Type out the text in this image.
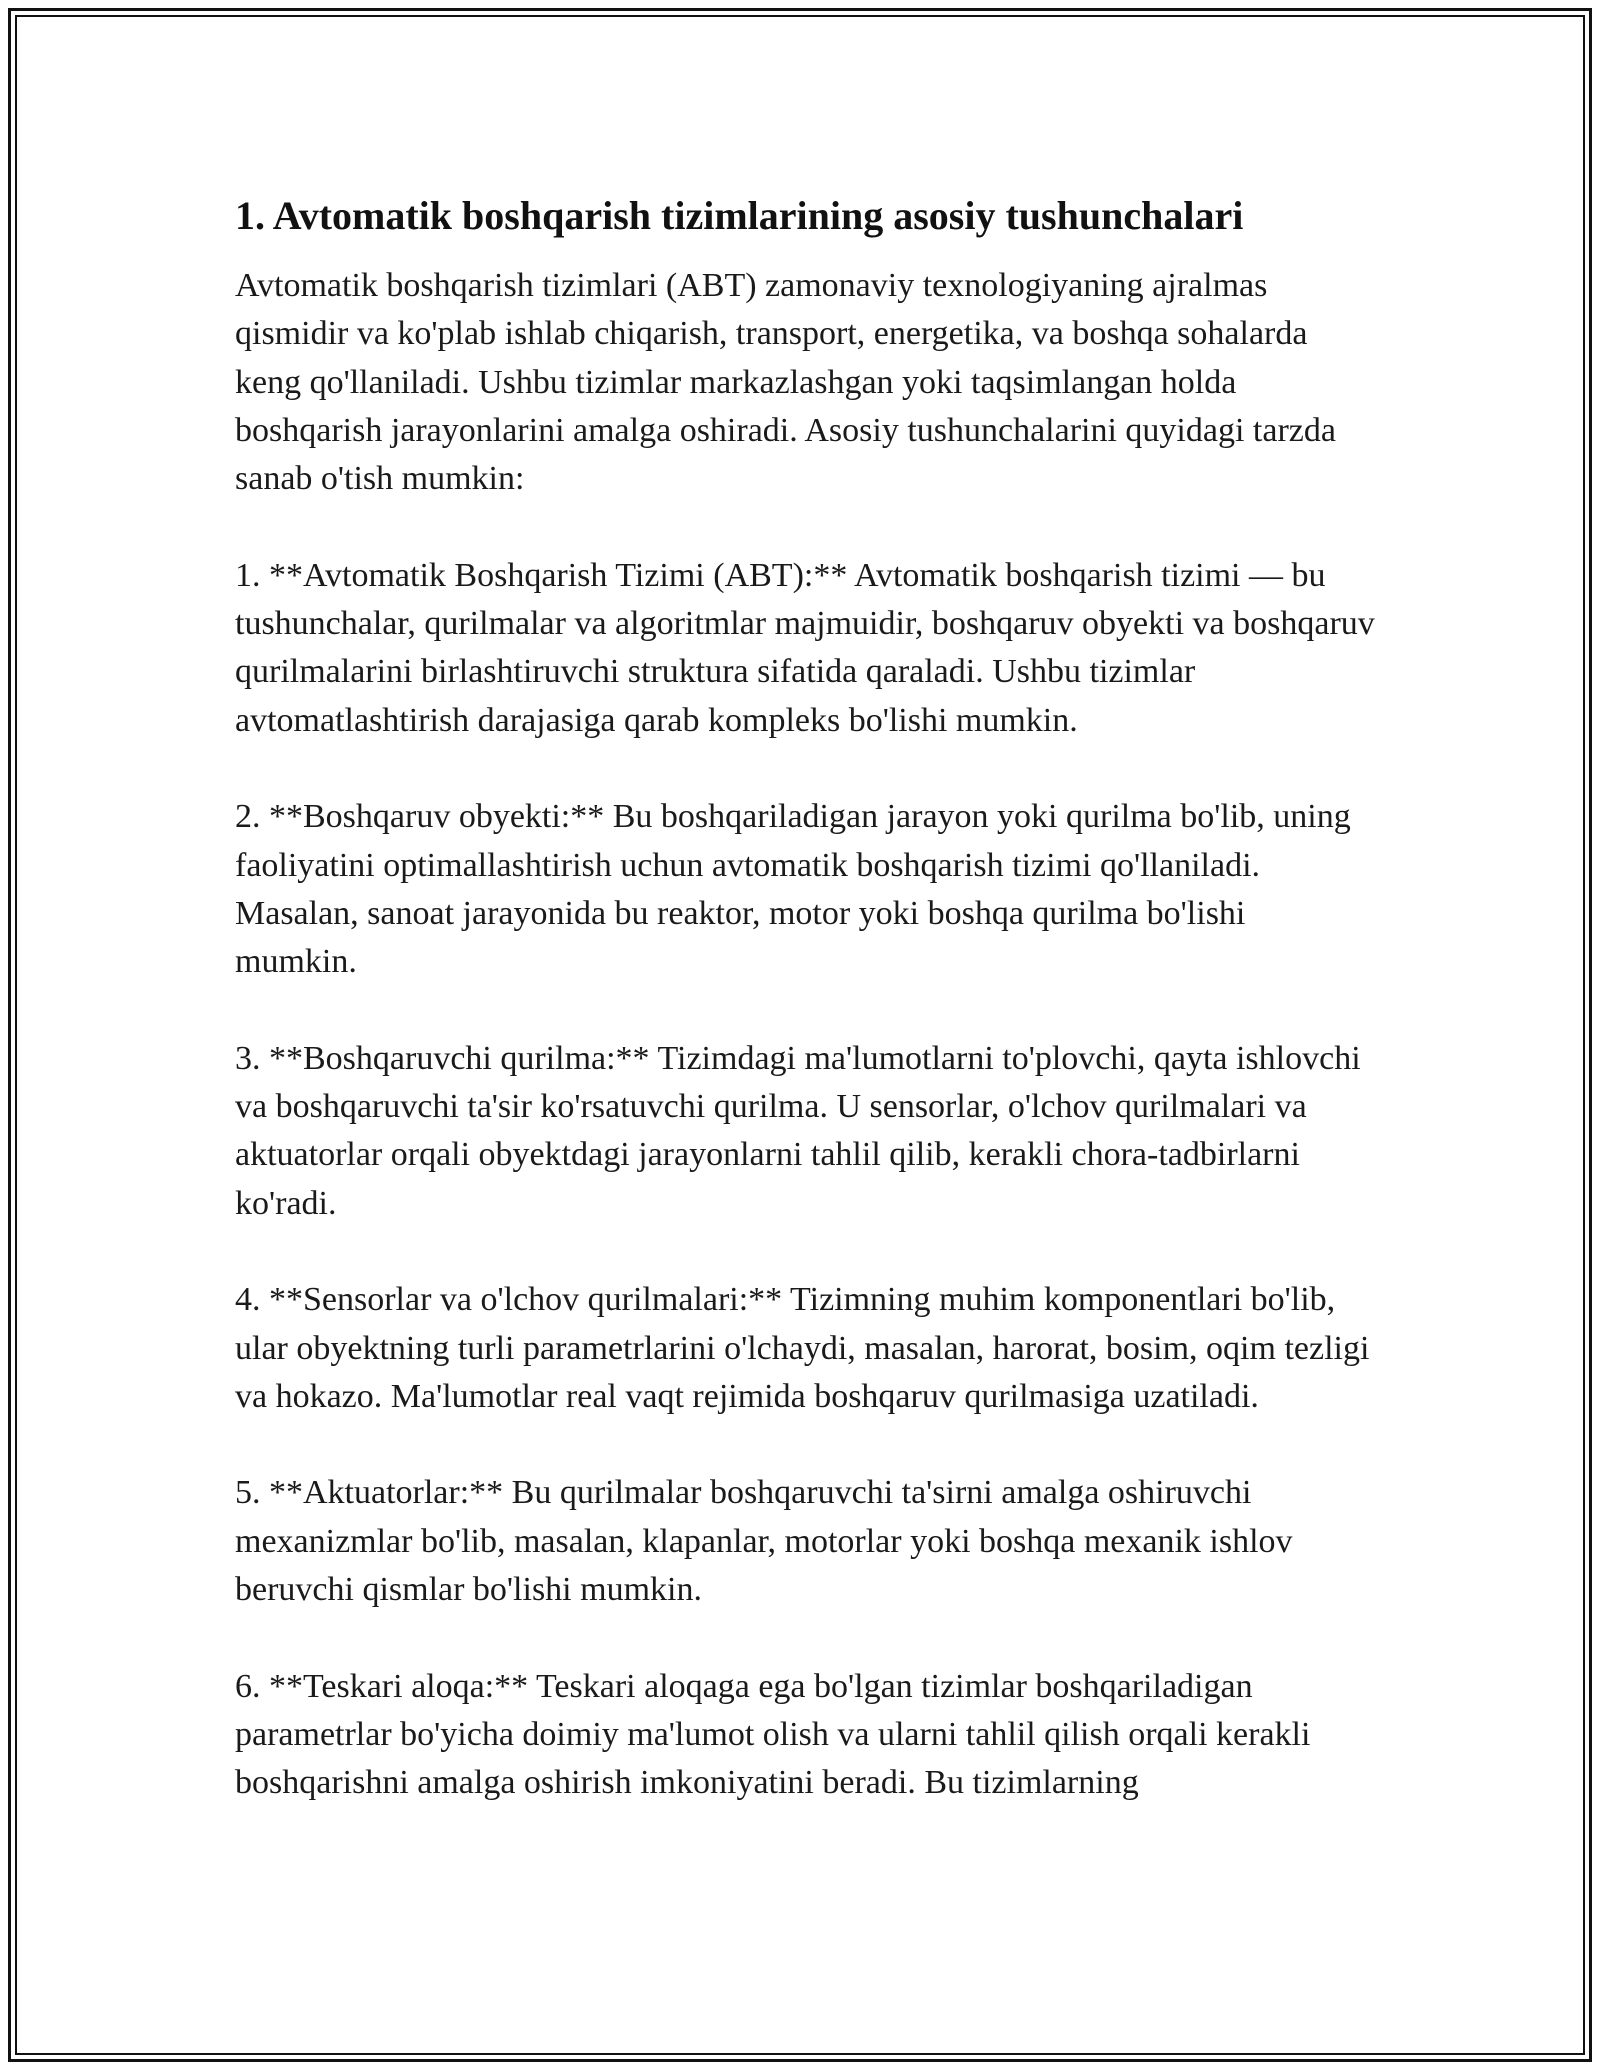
1. Avtomatik boshqarish tizimlarining asosiy tushunchalari

Avtomatik boshqarish tizimlari (ABT) zamonaviy texnologiyaning ajralmas qismidir va ko'plab ishlab chiqarish, transport, energetika, va boshqa sohalarda keng qo'llaniladi. Ushbu tizimlar markazlashgan yoki taqsimlangan holda boshqarish jarayonlarini amalga oshiradi. Asosiy tushunchalarini quyidagi tarzda sanab o'tish mumkin:

1. **Avtomatik Boshqarish Tizimi (ABT):** Avtomatik boshqarish tizimi — bu tushunchalar, qurilmalar va algoritmlar majmuidir, boshqaruv obyekti va boshqaruv qurilmalarini birlashtiruvchi struktura sifatida qaraladi. Ushbu tizimlar avtomatlashtirish darajasiga qarab kompleks bo'lishi mumkin.

2. **Boshqaruv obyekti:** Bu boshqariladigan jarayon yoki qurilma bo'lib, uning faoliyatini optimallashtirish uchun avtomatik boshqarish tizimi qo'llaniladi. Masalan, sanoat jarayonida bu reaktor, motor yoki boshqa qurilma bo'lishi mumkin.

3. **Boshqaruvchi qurilma:** Tizimdagi ma'lumotlarni to'plovchi, qayta ishlovchi va boshqaruvchi ta'sir ko'rsatuvchi qurilma. U sensorlar, o'lchov qurilmalari va aktuatorlar orqali obyektdagi jarayonlarni tahlil qilib, kerakli chora-tadbirlarni ko'radi.

4. **Sensorlar va o'lchov qurilmalari:** Tizimning muhim komponentlari bo'lib, ular obyektning turli parametrlarini o'lchaydi, masalan, harorat, bosim, oqim tezligi va hokazo. Ma'lumotlar real vaqt rejimida boshqaruv qurilmasiga uzatiladi.

5. **Aktuatorlar:** Bu qurilmalar boshqaruvchi ta'sirni amalga oshiruvchi mexanizmlar bo'lib, masalan, klapanlar, motorlar yoki boshqa mexanik ishlov beruvchi qismlar bo'lishi mumkin.

6. **Teskari aloqa:** Teskari aloqaga ega bo'lgan tizimlar boshqariladigan parametrlar bo'yicha doimiy ma'lumot olish va ularni tahlil qilish orqali kerakli boshqarishni amalga oshirish imkoniyatini beradi. Bu tizimlarning
